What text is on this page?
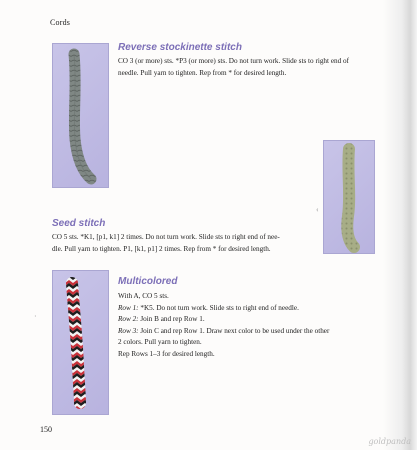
Cords
Reverse stockinette stitch

CO 3 (or more) sts. *P3 (or more) sts. Do not turn work. Slide sts to right end of

needle. Pull yarn to tighten. Rep from * for desired length.

‹
Seed stitch

CO 5 sts. *K1, [p1, k1] 2 times. Do not turn work. Slide sts to right end of nee-

dle. Pull yarn to tighten. P1, [k1, p1] 2 times. Rep from * for desired length.

·
Multicolored

With A, CO 5 sts.

Row 1: *K5. Do not turn work. Slide sts to right end of needle.

Row 2: Join B and rep Row 1.

Row 3: Join C and rep Row 1. Draw next color to be used under the other

2 colors. Pull yarn to tighten.

Rep Rows 1–3 for desired length.

150
goldpanda
